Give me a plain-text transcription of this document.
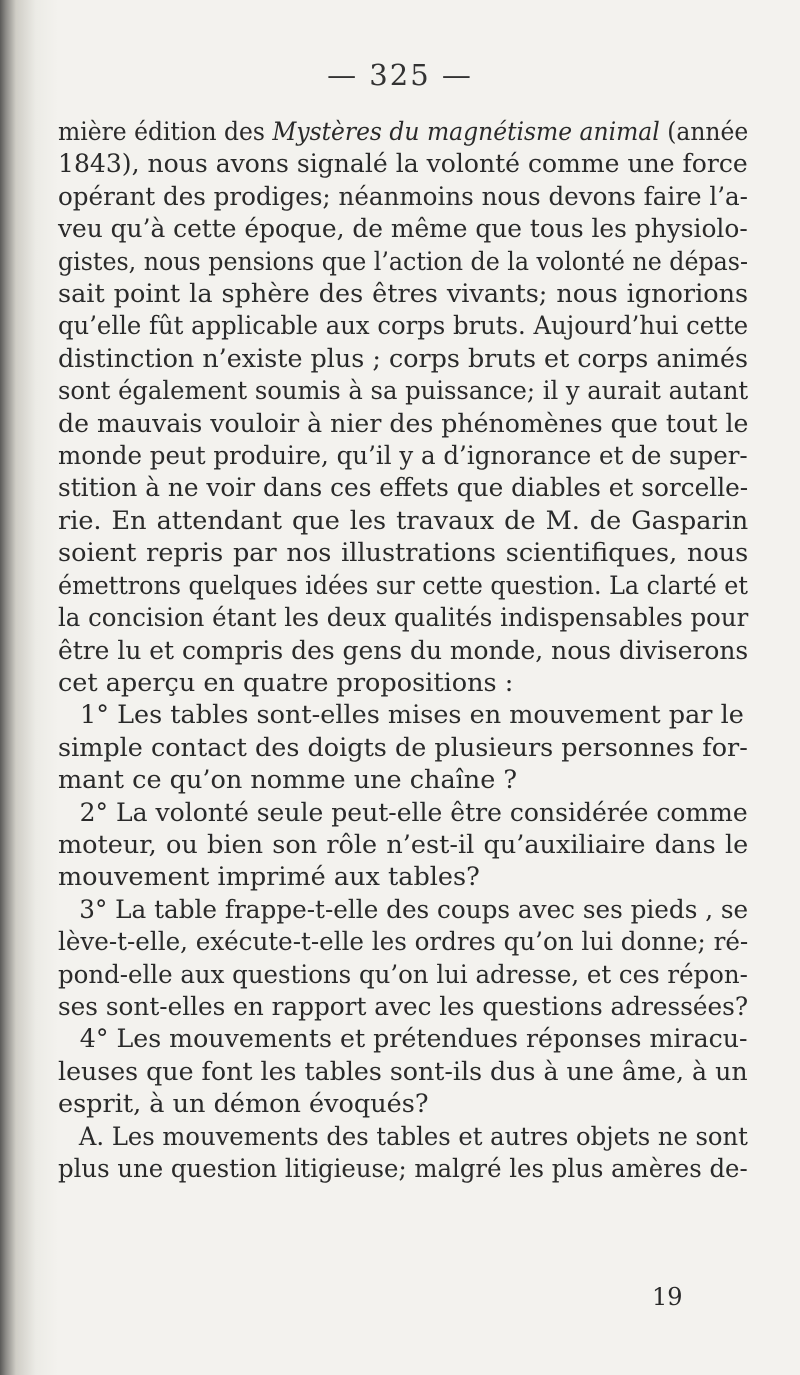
— 325 —
mière édition des Mystères du magnétisme animal (année
1843), nous avons signalé la volonté comme une force
opérant des prodiges; néanmoins nous devons faire l’a-
veu qu’à cette époque, de même que tous les physiolo-
gistes, nous pensions que l’action de la volonté ne dépas-
sait point la sphère des êtres vivants; nous ignorions
qu’elle fût applicable aux corps bruts. Aujourd’hui cette
distinction n’existe plus ; corps bruts et corps animés
sont également soumis à sa puissance; il y aurait autant
de mauvais vouloir à nier des phénomènes que tout le
monde peut produire, qu’il y a d’ignorance et de super-
stition à ne voir dans ces effets que diables et sorcelle-
rie. En attendant que les travaux de M. de Gasparin
soient repris par nos illustrations scientifiques, nous
émettrons quelques idées sur cette question. La clarté et
la concision étant les deux qualités indispensables pour
être lu et compris des gens du monde, nous diviserons
cet aperçu en quatre propositions :
1° Les tables sont-elles mises en mouvement par le
simple contact des doigts de plusieurs personnes for-
mant ce qu’on nomme une chaîne ?
2° La volonté seule peut-elle être considérée comme
moteur, ou bien son rôle n’est-il qu’auxiliaire dans le
mouvement imprimé aux tables?
3° La table frappe-t-elle des coups avec ses pieds , se
lève-t-elle, exécute-t-elle les ordres qu’on lui donne; ré-
pond-elle aux questions qu’on lui adresse, et ces répon-
ses sont-elles en rapport avec les questions adressées?
4° Les mouvements et prétendues réponses miracu-
leuses que font les tables sont-ils dus à une âme, à un
esprit, à un démon évoqués?
A. Les mouvements des tables et autres objets ne sont
plus une question litigieuse; malgré les plus amères de-
19
